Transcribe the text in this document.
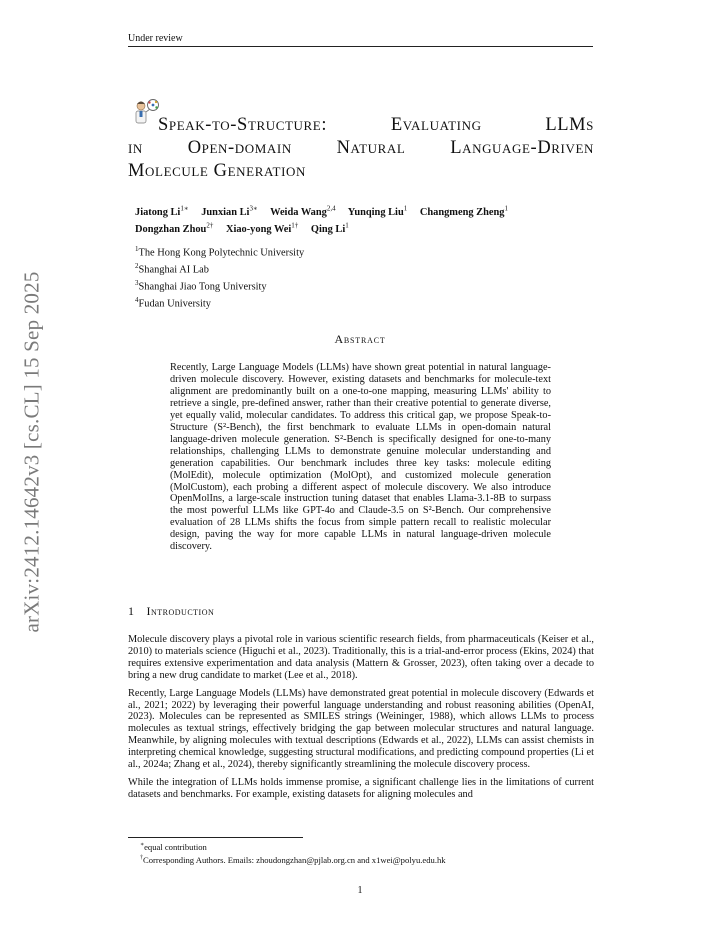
Under review
arXiv:2412.14642v3 [cs.CL] 15 Sep 2025
Speak-to-Structure: Evaluating LLMs
in Open-domain Natural Language-Driven
Molecule Generation
Jiatong $Li^{1∗}$ Junxian $Li^{3∗}$ Weida Wang$^{2,4}$ Yunqing Liu$^1$ Changmeng Zheng$^1$
Dongzhan Zhou$^{2\dagger}$ Xiao-yong Wei$^{1\dagger}$ Qing Li$^1$
$^1$The Hong Kong Polytechnic University
$^2$Shanghai AI Lab
$^3$Shanghai Jiao Tong University
$^4$Fudan University
Abstract
Recently, Large Language Models (LLMs) have shown great potential in natural language-driven molecule discovery. However, existing datasets and benchmarks for molecule-text alignment are predominantly built on a one-to-one mapping, measuring LLMs' ability to retrieve a single, pre-defined answer, rather than their creative potential to generate diverse, yet equally valid, molecular candidates. To address this critical gap, we propose Speak-to-Structure (S²-Bench), the first benchmark to evaluate LLMs in open-domain natural language-driven molecule generation. S²-Bench is specifically designed for one-to-many relationships, challenging LLMs to demonstrate genuine molecular understanding and generation capabilities. Our benchmark includes three key tasks: molecule editing (MolEdit), molecule optimization (MolOpt), and customized molecule generation (MolCustom), each probing a different aspect of molecule discovery. We also introduce OpenMolIns, a large-scale instruction tuning dataset that enables Llama-3.1-8B to surpass the most powerful LLMs like GPT-4o and Claude-3.5 on S²-Bench. Our comprehensive evaluation of 28 LLMs shifts the focus from simple pattern recall to realistic molecular design, paving the way for more capable LLMs in natural language-driven molecule discovery.
1 Introduction

Molecule discovery plays a pivotal role in various scientific research fields, from pharmaceuticals (Keiser et al., 2010) to materials science (Higuchi et al., 2023). Traditionally, this is a trial-and-error process (Ekins, 2024) that requires extensive experimentation and data analysis (Mattern & Grosser, 2023), often taking over a decade to bring a new drug candidate to market (Lee et al., 2018).

Recently, Large Language Models (LLMs) have demonstrated great potential in molecule discovery (Edwards et al., 2021; 2022) by leveraging their powerful language understanding and robust reasoning abilities (OpenAI, 2023). Molecules can be represented as SMILES strings (Weininger, 1988), which allows LLMs to process molecules as textual strings, effectively bridging the gap between molecular structures and natural language. Meanwhile, by aligning molecules with textual descriptions (Edwards et al., 2022), LLMs can assist chemists in interpreting chemical knowledge, suggesting structural modifications, and predicting compound properties (Li et al., 2024a; Zhang et al., 2024), thereby significantly streamlining the molecule discovery process.

While the integration of LLMs holds immense promise, a significant challenge lies in the limitations of current datasets and benchmarks. For example, existing datasets for aligning molecules and

∗equal contribution
†Corresponding Authors. Emails: zhoudongzhan@pjlab.org.cn and x1wei@polyu.edu.hk
1
